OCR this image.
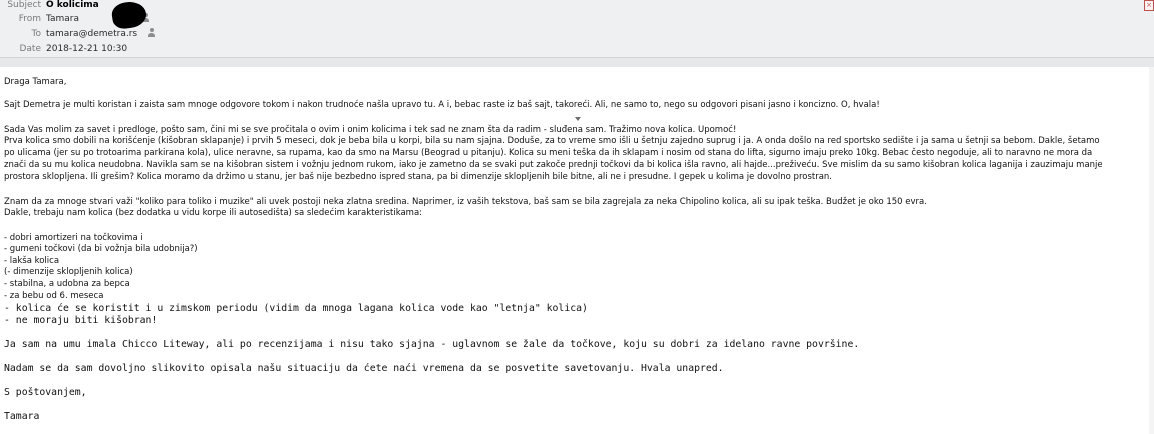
Subject O kolicima
From Tamara
To tamara@demetra.rs
Date 2018-12-21 10:30
×
Draga Tamara,
Sajt Demetra je multi koristan i zaista sam mnoge odgovore tokom i nakon trudnoće našla upravo tu. A i, bebac raste iz baš sajt, takoreći. Ali, ne samo to, nego su odgovori pisani jasno i koncizno. O, hvala!
Sada Vas molim za savet i predloge, pošto sam, čini mi se sve pročitala o ovim i onim kolicima i tek sad ne znam šta da radim - sluđena sam. Tražimo nova kolica. Upomoć!
Prva kolica smo dobili na korišćenje (kišobran sklapanje) i prvih 5 meseci, dok je beba bila u korpi, bila su nam sjajna. Doduše, za to vreme smo išli u šetnju zajedno suprug i ja. A onda došlo na red sportsko sedište i ja sama u šetnji sa bebom. Dakle, šetamo
po ulicama (jer su po trotoarima parkirana kola), ulice neravne, sa rupama, kao da smo na Marsu (Beograd u pitanju). Kolica su meni teška da ih sklapam i nosim od stana do lifta, sigurno imaju preko 10kg. Bebac često negoduje, ali to naravno ne mora da
znači da su mu kolica neudobna. Navikla sam se na kišobran sistem i vožnju jednom rukom, iako je zametno da se svaki put zakoče prednji točkovi da bi kolica išla ravno, ali hajde...preživeću. Sve mislim da su samo kišobran kolica laganija i zauzimaju manje
prostora sklopljena. Ili grešim? Kolica moramo da držimo u stanu, jer baš nije bezbedno ispred stana, pa bi dimenzije sklopljenih bile bitne, ali ne i presudne. I gepek u kolima je dovolno prostran.
Znam da za mnoge stvari važi "koliko para toliko i muzike" ali uvek postoji neka zlatna sredina. Naprimer, iz vaših tekstova, baš sam se bila zagrejala za neka Chipolino kolica, ali su ipak teška. Budžet je oko 150 evra.
Dakle, trebaju nam kolica (bez dodatka u vidu korpe ili autosedišta) sa sledećim karakteristikama:
- dobri amortizeri na točkovima i
- gumeni točkovi (da bi vožnja bila udobnija?)
- lakša kolica
(- dimenzije sklopljenih kolica)
- stabilna, a udobna za bepca
- za bebu od 6. meseca
- kolica će se koristit i u zimskom periodu (vidim da mnoga lagana kolica vode kao "letnja" kolica)
- ne moraju biti kišobran!
Ja sam na umu imala Chicco Liteway, ali po recenzijama i nisu tako sjajna - uglavnom se žale da točkove, koju su dobri za idelano ravne površine.
Nadam se da sam dovoljno slikovito opisala našu situaciju da ćete naći vremena da se posvetite savetovanju. Hvala unapred.
S poštovanjem,
Tamara
